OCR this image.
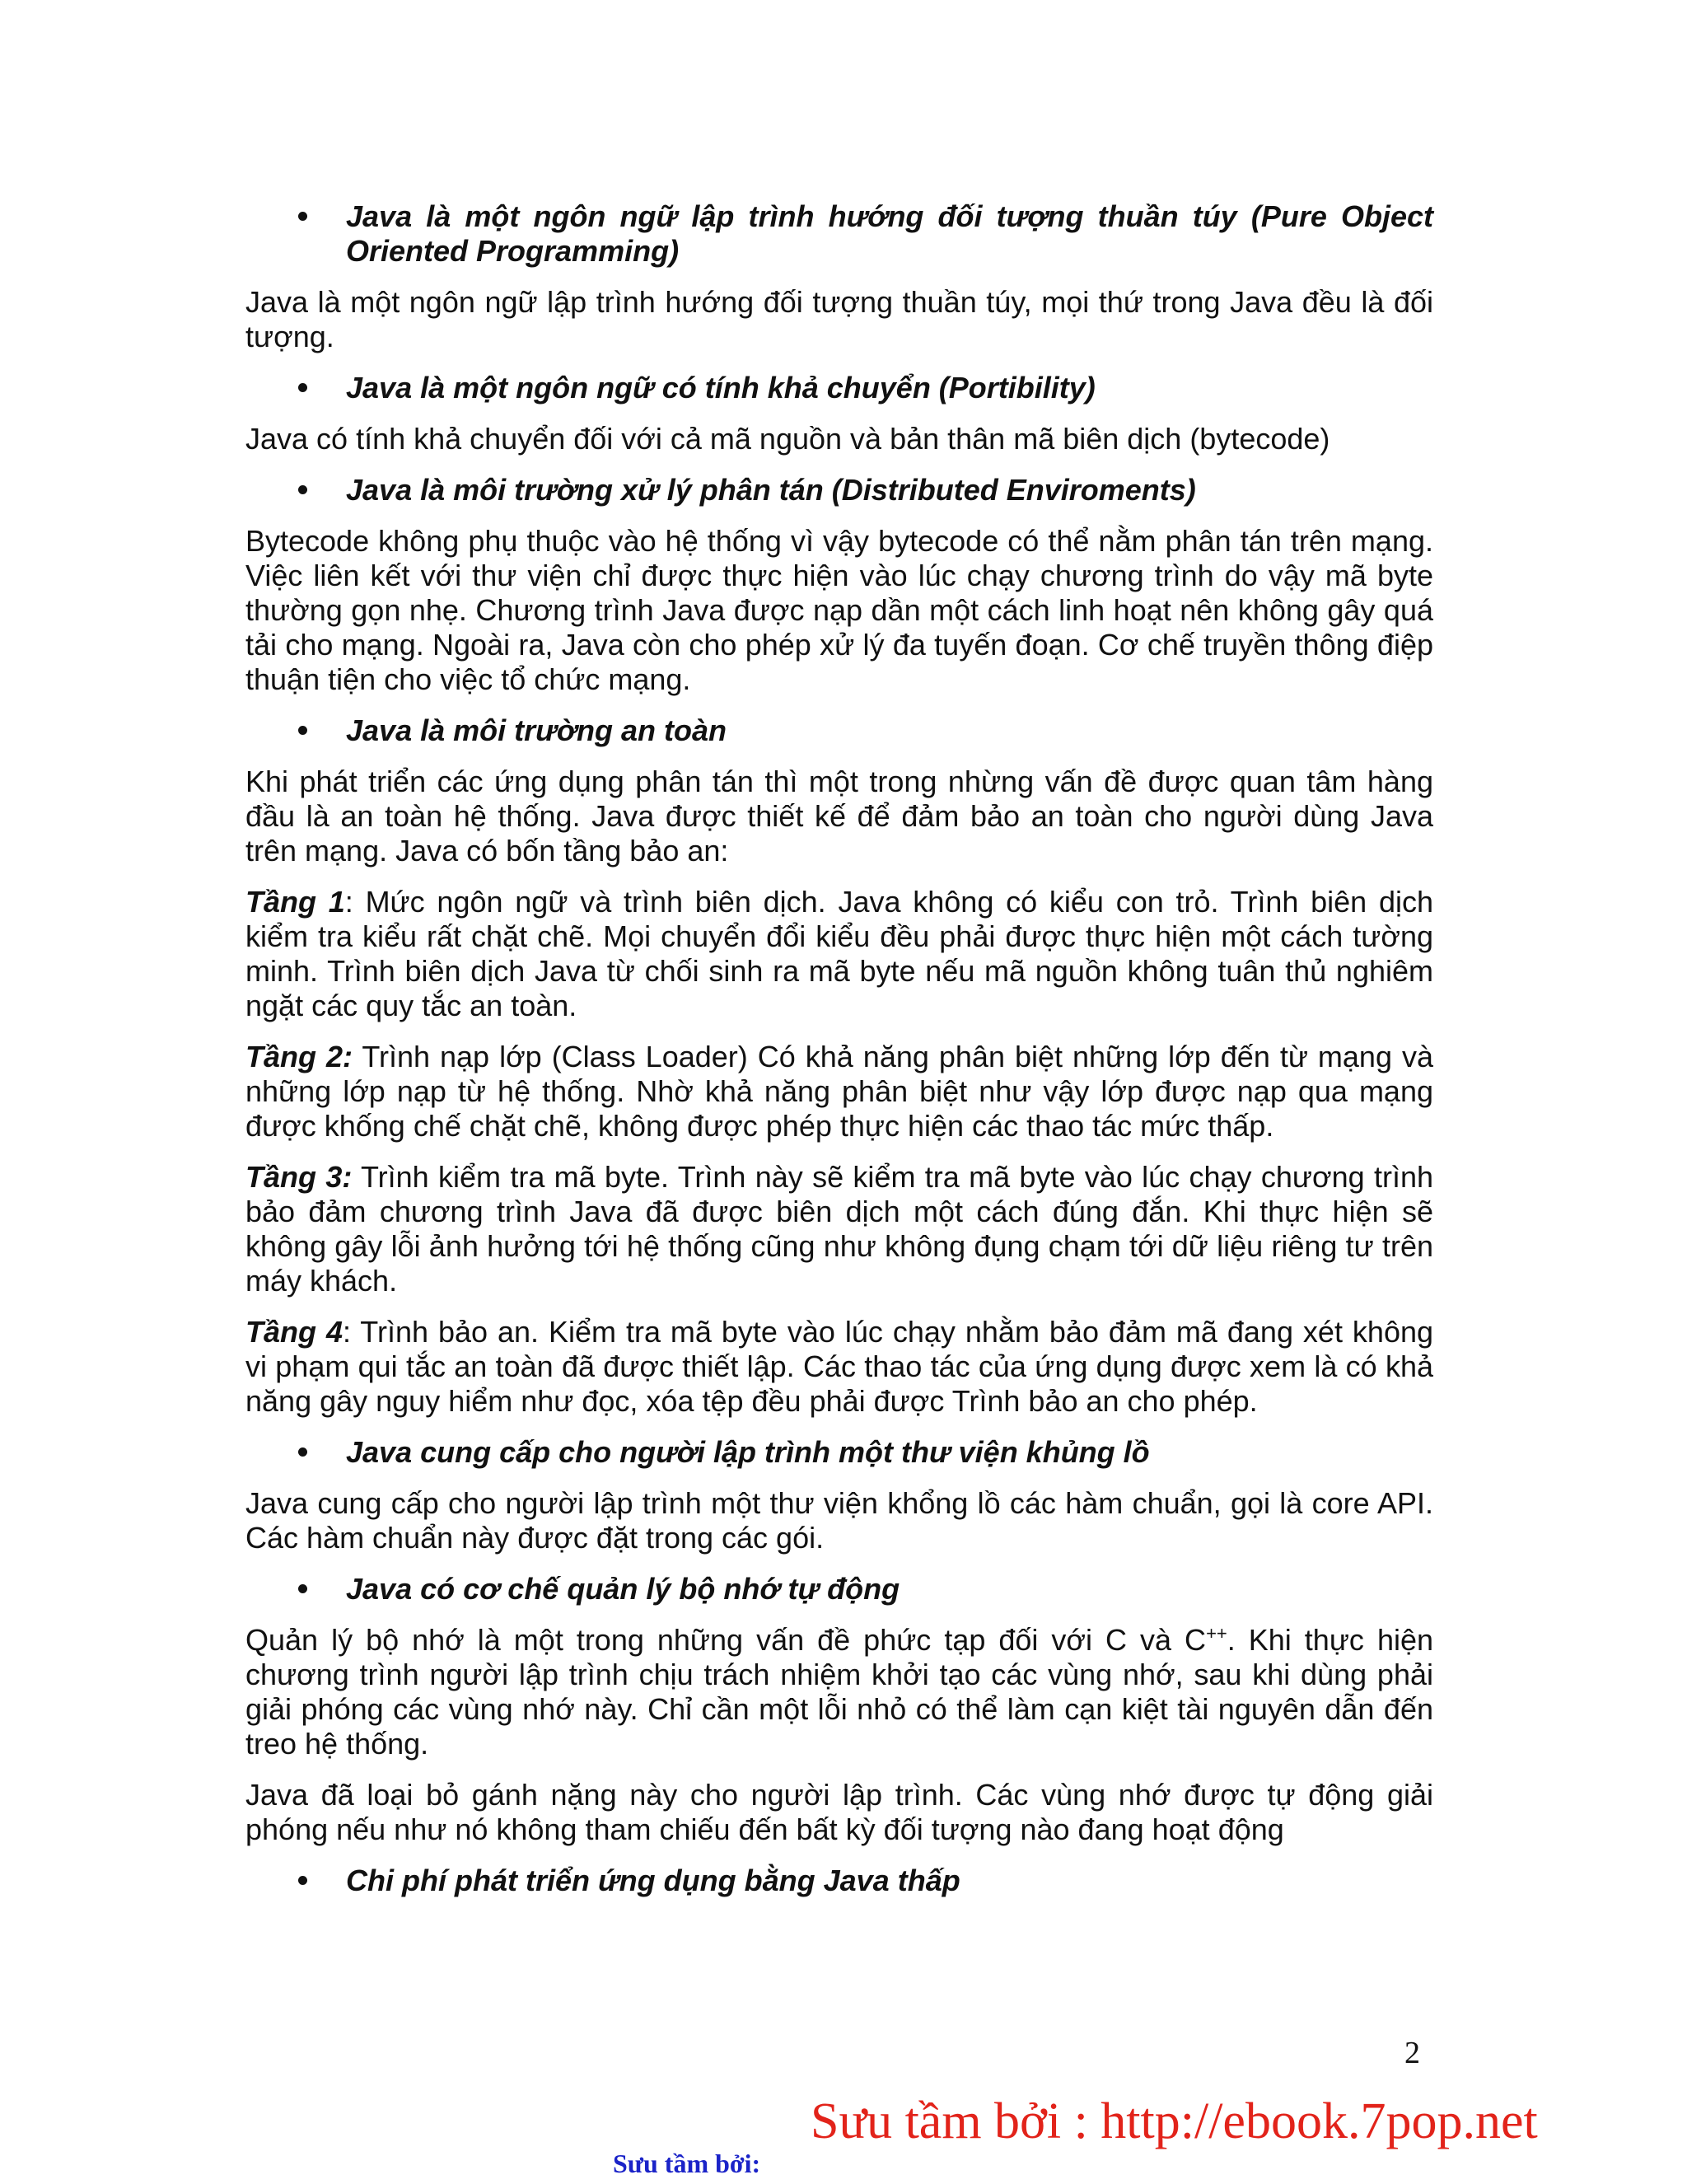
Java là một ngôn ngữ lập trình hướng đối tượng thuần túy (Pure Object Oriented Programming)

Java là một ngôn ngữ lập trình hướng đối tượng thuần túy, mọi thứ trong Java đều là đối tượng.

Java là một ngôn ngữ có tính khả chuyển (Portibility)

Java có tính khả chuyển đối với cả mã nguồn và bản thân mã biên dịch (bytecode)

Java là môi trường xử lý phân tán (Distributed Enviroments)

Bytecode không phụ thuộc vào hệ thống vì vậy bytecode có thể nằm phân tán trên mạng. Việc liên kết với thư viện chỉ được thực hiện vào lúc chạy chương trình do vậy mã byte thường gọn nhẹ. Chương trình Java được nạp dần một cách linh hoạt nên không gây quá tải cho mạng. Ngoài ra, Java còn cho phép xử lý đa tuyến đoạn. Cơ chế truyền thông điệp thuận tiện cho việc tổ chức mạng.

Java là môi trường an toàn

Khi phát triển các ứng dụng phân tán thì một trong nhừng vấn đề được quan tâm hàng đầu là an toàn hệ thống. Java được thiết kế để đảm bảo an toàn cho người dùng Java trên mạng. Java có bốn tầng bảo an:

Tầng 1: Mức ngôn ngữ và trình biên dịch. Java không có kiểu con trỏ. Trình biên dịch kiểm tra kiểu rất chặt chẽ. Mọi chuyển đổi kiểu đều phải được thực hiện một cách tường minh. Trình biên dịch Java từ chối sinh ra mã byte nếu mã nguồn không tuân thủ nghiêm ngặt các quy tắc an toàn.

Tầng 2: Trình nạp lớp (Class Loader) Có khả năng phân biệt những lớp đến từ mạng và những lớp nạp từ hệ thống. Nhờ khả năng phân biệt như vậy lớp được nạp qua mạng được khống chế chặt chẽ, không được phép thực hiện các thao tác mức thấp.

Tầng 3: Trình kiểm tra mã byte. Trình này sẽ kiểm tra mã byte vào lúc chạy chương trình bảo đảm chương trình Java đã được biên dịch một cách đúng đắn. Khi thực hiện sẽ không gây lỗi ảnh hưởng tới hệ thống cũng như không đụng chạm tới dữ liệu riêng tư trên máy khách.

Tầng 4: Trình bảo an. Kiểm tra mã byte vào lúc chạy nhằm bảo đảm mã đang xét không vi phạm qui tắc an toàn đã được thiết lập. Các thao tác của ứng dụng được xem là có khả năng gây nguy hiểm như đọc, xóa tệp đều phải được Trình bảo an cho phép.

Java cung cấp cho người lập trình một thư viện khủng lồ

Java cung cấp cho người lập trình một thư viện khổng lồ các hàm chuẩn, gọi là core API. Các hàm chuẩn này được đặt trong các gói.

Java có cơ chế quản lý bộ nhớ tự động

Quản lý bộ nhớ là một trong những vấn đề phức tạp đối với C và C++. Khi thực hiện chương trình người lập trình chịu trách nhiệm khởi tạo các vùng nhớ, sau khi dùng phải giải phóng các vùng nhớ này. Chỉ cần một lỗi nhỏ có thể làm cạn kiệt tài nguyên dẫn đến treo hệ thống.

Java đã loại bỏ gánh nặng này cho người lập trình. Các vùng nhớ được tự động giải phóng nếu như nó không tham chiếu đến bất kỳ đối tượng nào đang hoạt động

Chi phí phát triển ứng dụng bằng Java thấp
2
Sưu tầm bởi : http://ebook.7pop.net
Sưu tầm bởi:
